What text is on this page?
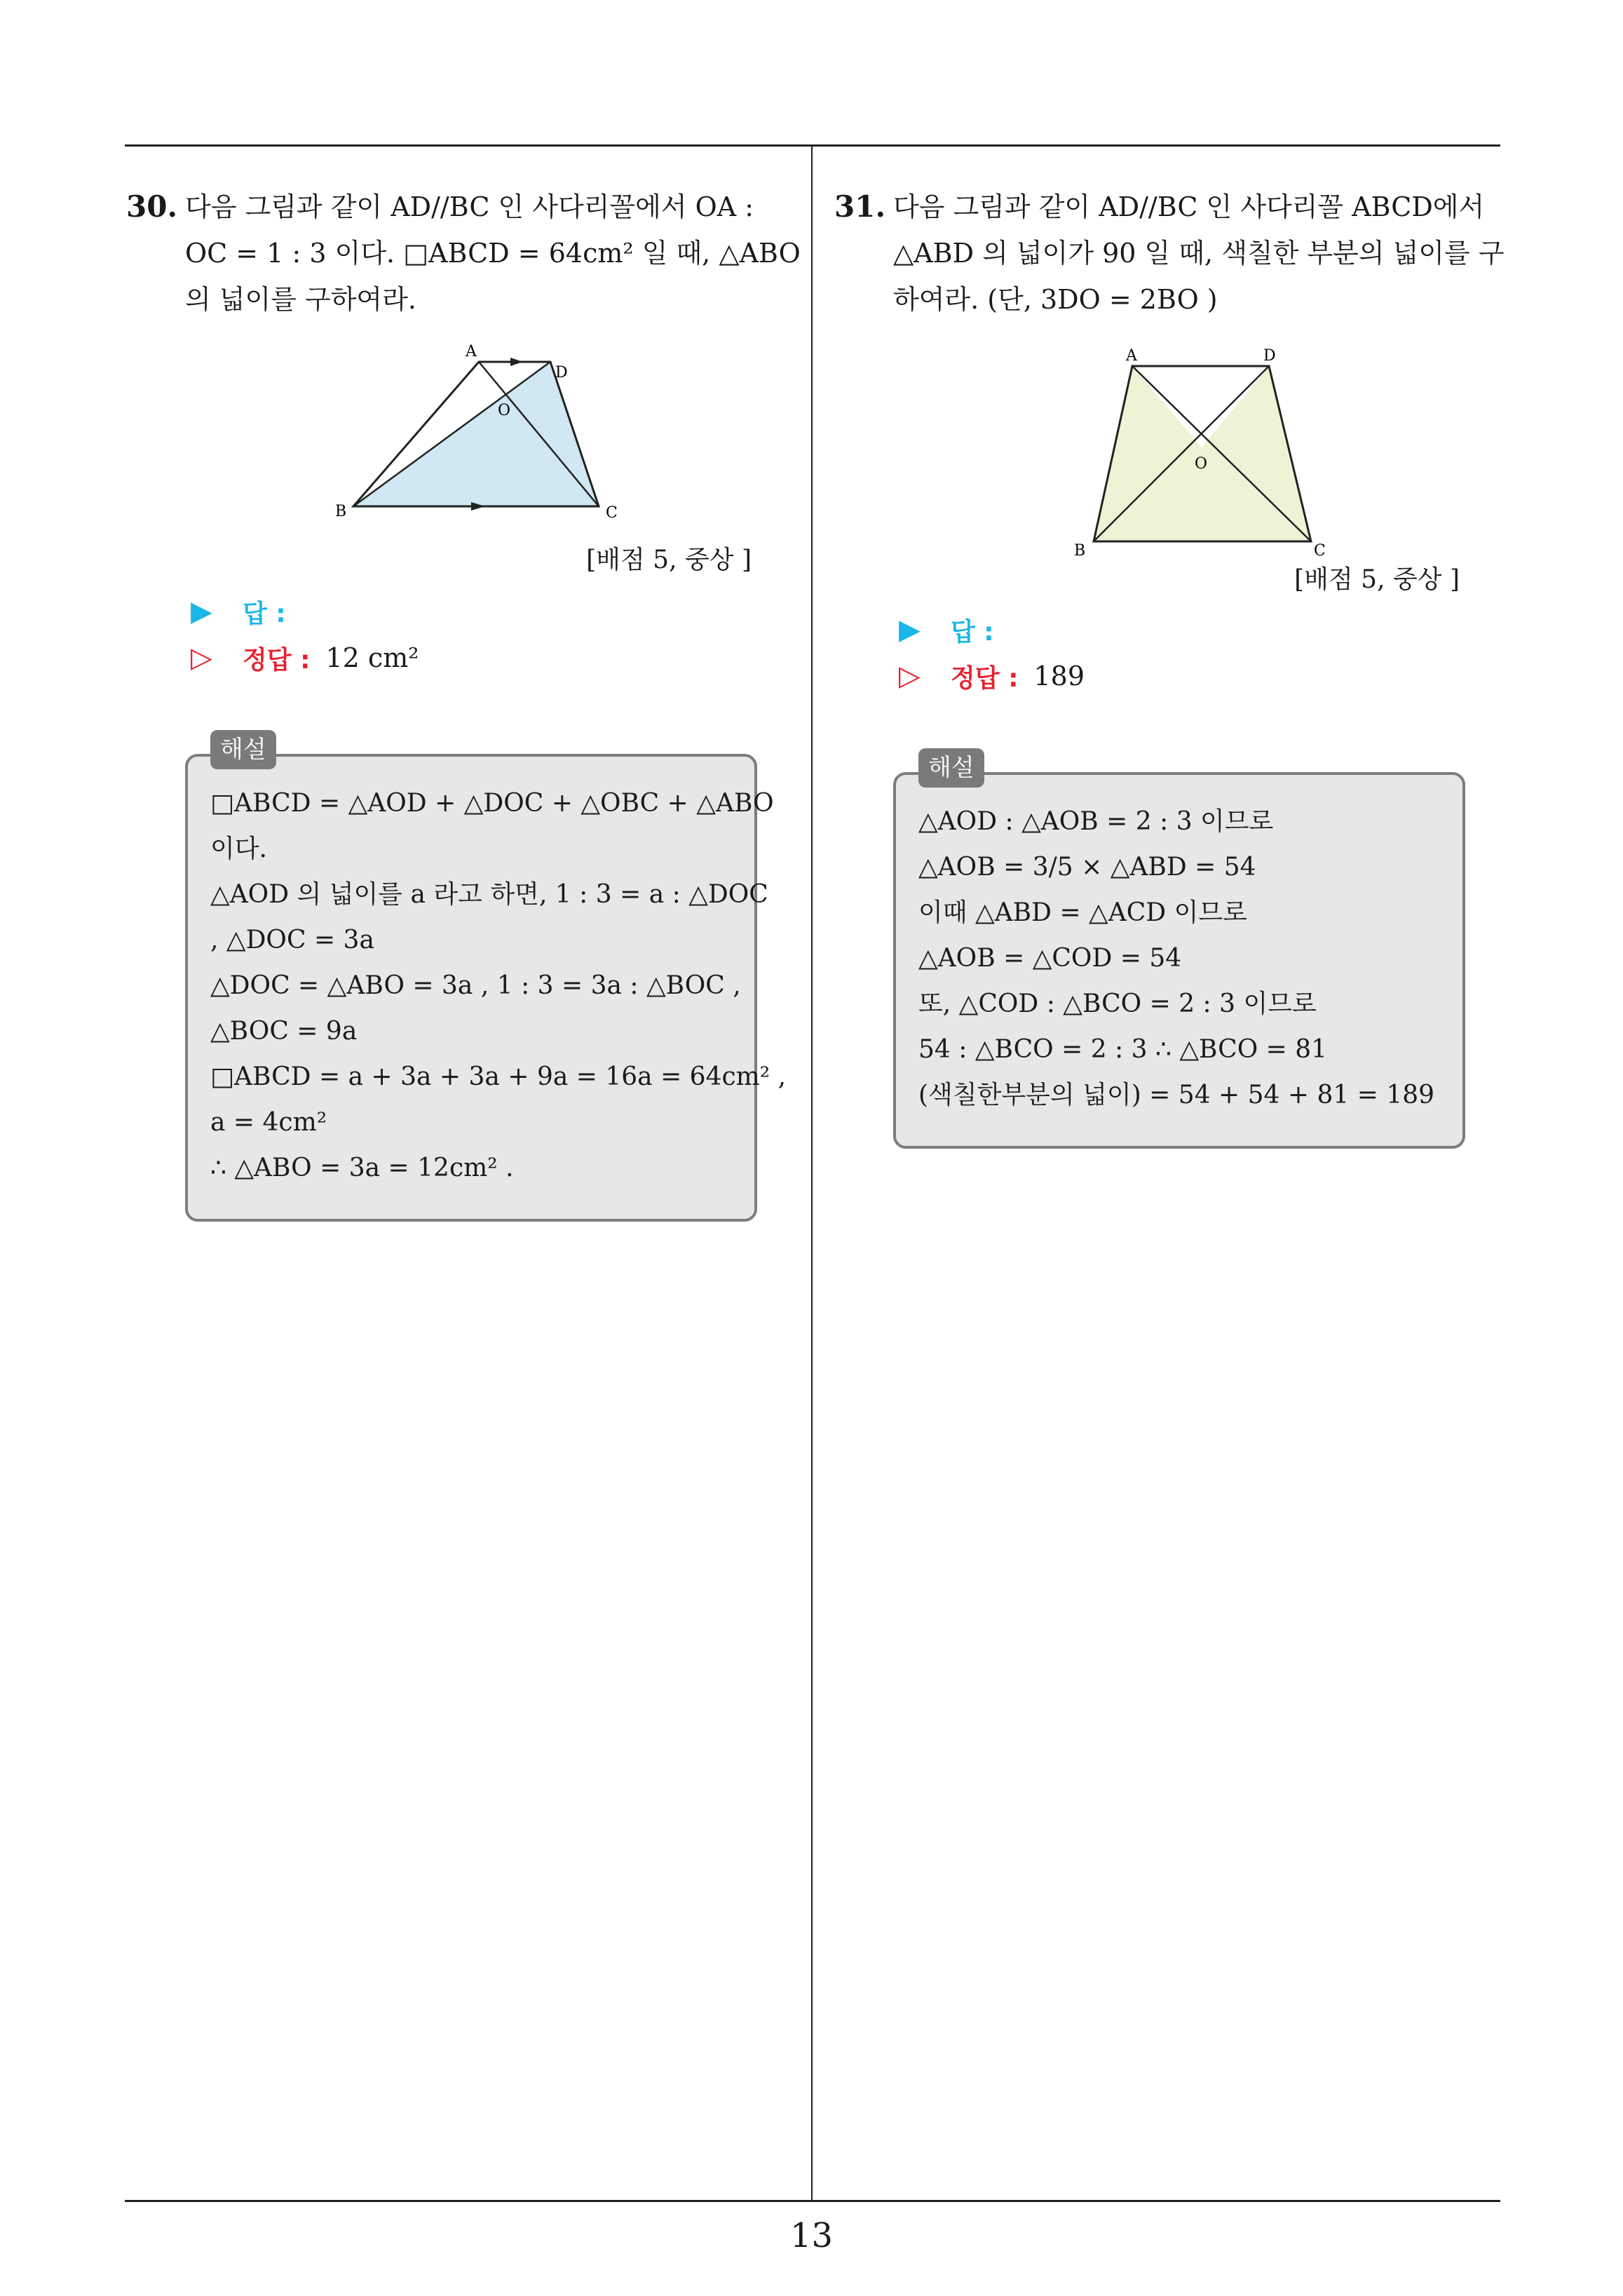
13
30. 다음 그림과 같이 AD//BC 인 사다리꼴에서 OA :
OC = 1 : 3 이다. □ABCD = 64cm² 일 때, △ABO
의 넓이를 구하여라.
A
D
O
B	C
[배점 5, 중상 ]
▶	답 :
▷	정답 : 12 cm²
해설
□ABCD = △AOD + △DOC + △OBC + △ABO
이다.
△AOD 의 넓이를 a 라고 하면, 1 : 3 = a : △DOC
, △DOC = 3a
△DOC = △ABO = 3a , 1 : 3 = 3a : △BOC ,
△BOC = 9a
□ABCD = a + 3a + 3a + 9a = 16a = 64cm² ,
a = 4cm²
∴ △ABO = 3a = 12cm² .
31. 다음 그림과 같이 AD//BC 인 사다리꼴 ABCD에서
△ABD 의 넓이가 90 일 때, 색칠한 부분의 넓이를 구
하여라. (단, 3DO = 2BO )
A	D
O
B	C
[배점 5, 중상 ]
▶	답 :
▷	정답 : 189
해설
△AOD : △AOB = 2 : 3 이므로
△AOB = 3/5 × △ABD = 54
이때 △ABD = △ACD 이므로
△AOB = △COD = 54
또, △COD : △BCO = 2 : 3 이므로
54 : △BCO = 2 : 3 ∴ △BCO = 81
(색칠한부분의 넓이) = 54 + 54 + 81 = 189
